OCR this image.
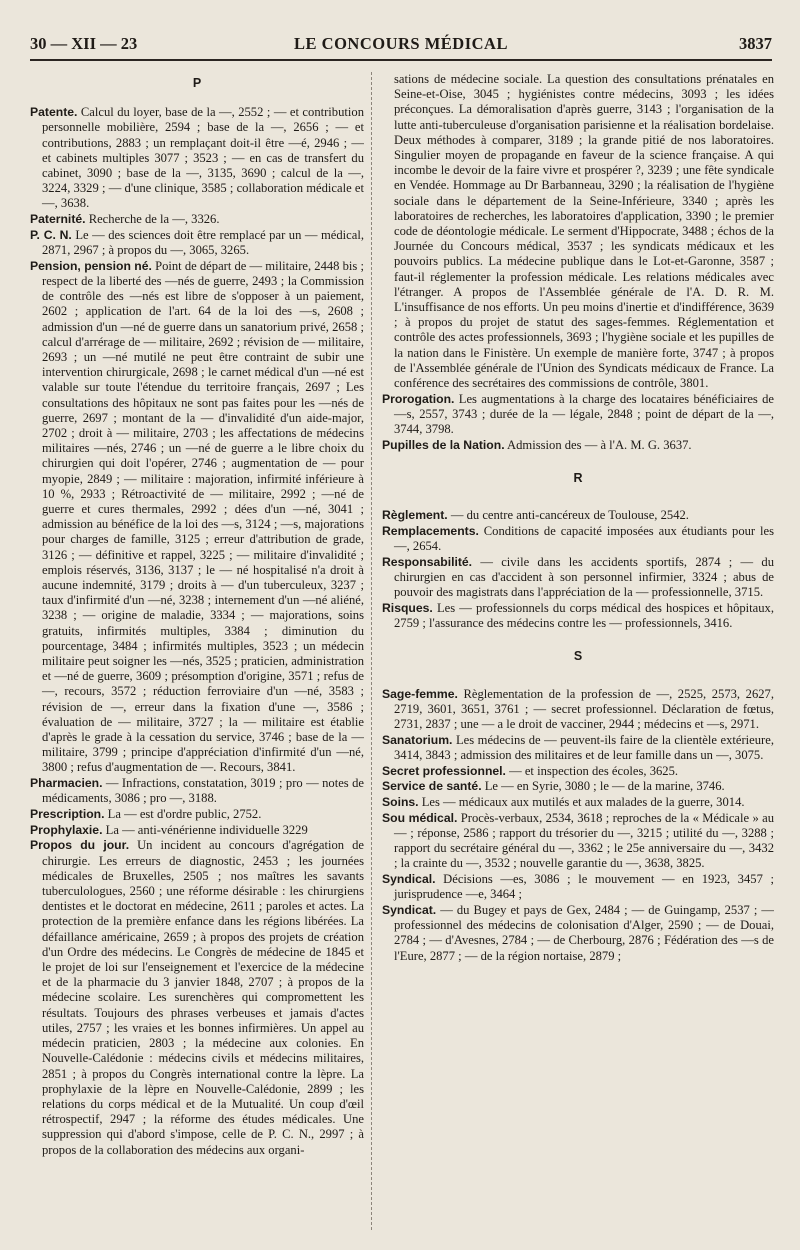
30 — XII — 23	LE CONCOURS MÉDICAL	3837
P
Patente. Calcul du loyer, base de la —, 2552 ; — et contribution personnelle mobilière, 2594 ; base de la —, 2656 ; — et contributions, 2883 ; un remplaçant doit-il être —é, 2946 ; — et cabinets multiples 3077 ; 3523 ; — en cas de transfert du cabinet, 3090 ; base de la —, 3135, 3690 ; calcul de la —, 3224, 3329 ; — d'une clinique, 3585 ; collaboration médicale et —, 3638.
Paternité. Recherche de la —, 3326.
P. C. N. Le — des sciences doit être remplacé par un — médical, 2871, 2967 ; à propos du —, 3065, 3265.
Pension, pension né. Point de départ de — militaire, 2448 bis ; respect de la liberté des —nés de guerre, 2493 ; la Commission de contrôle des —nés est libre de s'opposer à un paiement, 2602 ; application de l'art. 64 de la loi des —s, 2608 ; admission d'un —né de guerre dans un sanatorium privé, 2658 ; calcul d'arrérage de — militaire, 2692 ; révision de — militaire, 2693 ; un —né mutilé ne peut être contraint de subir une intervention chirurgicale, 2698 ; le carnet médical d'un —né est valable sur toute l'étendue du territoire français, 2697 ; Les consultations des hôpitaux ne sont pas faites pour les —nés de guerre, 2697 ; montant de la — d'invalidité d'un aide-major, 2702 ; droit à — militaire, 2703 ; les affectations de médecins militaires —nés, 2746 ; un —né de guerre a le libre choix du chirurgien qui doit l'opérer, 2746 ; augmentation de — pour myopie, 2849 ; — militaire : majoration, infirmité inférieure à 10 %, 2933 ; Rétroactivité de — militaire, 2992 ; —né de guerre et cures thermales, 2992 ; dées d'un —né, 3041 ; admission au bénéfice de la loi des —s, 3124 ; —s, majorations pour charges de famille, 3125 ; erreur d'attribution de grade, 3126 ; — définitive et rappel, 3225 ; — militaire d'invalidité ; emplois réservés, 3136, 3137 ; le — né hospitalisé n'a droit à aucune indemnité, 3179 ; droits à — d'un tuberculeux, 3237 ; taux d'infirmité d'un —né, 3238 ; internement d'un —né aliéné, 3238 ; — origine de maladie, 3334 ; — majorations, soins gratuits, infirmités multiples, 3384 ; diminution du pourcentage, 3484 ; infirmités multiples, 3523 ; un médecin militaire peut soigner les —nés, 3525 ; praticien, administration et —né de guerre, 3609 ; présomption d'origine, 3571 ; refus de —, recours, 3572 ; réduction ferroviaire d'un —né, 3583 ; révision de —, erreur dans la fixation d'une —, 3586 ; évaluation de — militaire, 3727 ; la — militaire est établie d'après le grade à la cessation du service, 3746 ; base de la — militaire, 3799 ; principe d'appréciation d'infirmité d'un —né, 3800 ; refus d'augmentation de —. Recours, 3841.
Pharmacien. — Infractions, constatation, 3019 ; pro — notes de médicaments, 3086 ; pro —, 3188.
Prescription. La — est d'ordre public, 2752.
Prophylaxie. La — anti-vénérienne individuelle 3229
Propos du jour. Un incident au concours d'agrégation de chirurgie. Les erreurs de diagnostic, 2453 ; les journées médicales de Bruxelles, 2505 ; nos maîtres les savants tuberculologues, 2560 ; une réforme désirable : les chirurgiens dentistes et le doctorat en médecine, 2611 ; paroles et actes. La protection de la première enfance dans les régions libérées. La défaillance américaine, 2659 ; à propos des projets de création d'un Ordre des médecins. Le Congrès de médecine de 1845 et le projet de loi sur l'enseignement et l'exercice de la médecine et de la pharmacie du 3 janvier 1848, 2707 ; à propos de la médecine scolaire. Les surenchères qui compromettent les résultats. Toujours des phrases verbeuses et jamais d'actes utiles, 2757 ; les vraies et les bonnes infirmières. Un appel au médecin praticien, 2803 ; la médecine aux colonies. En Nouvelle-Calédonie : médecins civils et médecins militaires, 2851 ; à propos du Congrès international contre la lèpre. La prophylaxie de la lèpre en Nouvelle-Calédonie, 2899 ; les relations du corps médical et de la Mutualité. Un coup d'œil rétrospectif, 2947 ; la réforme des études médicales. Une suppression qui d'abord s'impose, celle de P. C. N., 2997 ; à propos de la collaboration des médecins aux organi-
sations de médecine sociale. La question des consultations prénatales en Seine-et-Oise, 3045 ; hygiénistes contre médecins, 3093 ; les idées préconçues. La démoralisation d'après guerre, 3143 ; l'organisation de la lutte anti-tuberculeuse d'organisation parisienne et la réalisation bordelaise. Deux méthodes à comparer, 3189 ; la grande pitié de nos laboratoires. Singulier moyen de propagande en faveur de la science française. A qui incombe le devoir de la faire vivre et prospérer ?, 3239 ; une fête syndicale en Vendée. Hommage au Dr Barbanneau, 3290 ; la réalisation de l'hygiène sociale dans le département de la Seine-Inférieure, 3340 ; après les laboratoires de recherches, les laboratoires d'application, 3390 ; le premier code de déontologie médicale. Le serment d'Hippocrate, 3488 ; échos de la Journée du Concours médical, 3537 ; les syndicats médicaux et les pouvoirs publics. La médecine publique dans le Lot-et-Garonne, 3587 ; faut-il réglementer la profession médicale. Les relations médicales avec l'étranger. A propos de l'Assemblée générale de l'A. D. R. M. L'insuffisance de nos efforts. Un peu moins d'inertie et d'indifférence, 3639 ; à propos du projet de statut des sages-femmes. Réglementation et contrôle des actes professionnels, 3693 ; l'hygiène sociale et les pupilles de la nation dans le Finistère. Un exemple de manière forte, 3747 ; à propos de l'Assemblée générale de l'Union des Syndicats médicaux de France. La conférence des secrétaires des commissions de contrôle, 3801.
Prorogation. Les augmentations à la charge des locataires bénéficiaires de —s, 2557, 3743 ; durée de la — légale, 2848 ; point de départ de la —, 3744, 3798.
Pupilles de la Nation. Admission des — à l'A. M. G. 3637.
R
Règlement. — du centre anti-cancéreux de Toulouse, 2542.
Remplacements. Conditions de capacité imposées aux étudiants pour les —, 2654.
Responsabilité. — civile dans les accidents sportifs, 2874 ; — du chirurgien en cas d'accident à son personnel infirmier, 3324 ; abus de pouvoir des magistrats dans l'appréciation de la — professionnelle, 3715.
Risques. Les — professionnels du corps médical des hospices et hôpitaux, 2759 ; l'assurance des médecins contre les — professionnels, 3416.
S
Sage-femme. Règlementation de la profession de —, 2525, 2573, 2627, 2719, 3601, 3651, 3761 ; — secret professionnel. Déclaration de fœtus, 2731, 2837 ; une — a le droit de vacciner, 2944 ; médecins et —s, 2971.
Sanatorium. Les médecins de — peuvent-ils faire de la clientèle extérieure, 3414, 3843 ; admission des militaires et de leur famille dans un —, 3075.
Secret professionnel. — et inspection des écoles, 3625.
Service de santé. Le — en Syrie, 3080 ; le — de la marine, 3746.
Soins. Les — médicaux aux mutilés et aux malades de la guerre, 3014.
Sou médical. Procès-verbaux, 2534, 3618 ; reproches de la « Médicale » au — ; réponse, 2586 ; rapport du trésorier du —, 3215 ; utilité du —, 3288 ; rapport du secrétaire général du —, 3362 ; le 25e anniversaire du —, 3432 ; la crainte du —, 3532 ; nouvelle garantie du —, 3638, 3825.
Syndical. Décisions —es, 3086 ; le mouvement — en 1923, 3457 ; jurisprudence —e, 3464 ;
Syndicat. — du Bugey et pays de Gex, 2484 ; — de Guingamp, 2537 ; — professionnel des médecins de colonisation d'Alger, 2590 ; — de Douai, 2784 ; — d'Avesnes, 2784 ; — de Cherbourg, 2876 ; Fédération des —s de l'Eure, 2877 ; — de la région nortaise, 2879 ;
